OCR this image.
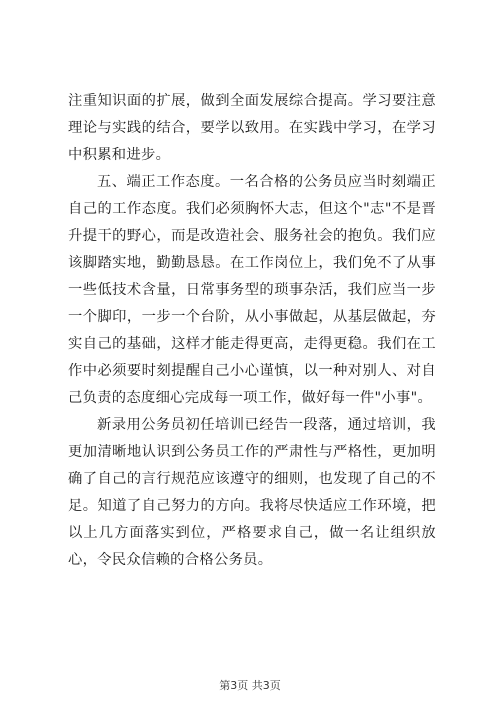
注重知识面的扩展，做到全面发展综合提高。学习要注意理论与实践的结合，要学以致用。在实践中学习，在学习中积累和进步。

五、端正工作态度。一名合格的公务员应当时刻端正自己的工作态度。我们必须胸怀大志，但这个"志"不是晋升提干的野心，而是改造社会、服务社会的抱负。我们应该脚踏实地，勤勤恳恳。在工作岗位上，我们免不了从事一些低技术含量，日常事务型的琐事杂活，我们应当一步一个脚印，一步一个台阶，从小事做起，从基层做起，夯实自己的基础，这样才能走得更高，走得更稳。我们在工作中必须要时刻提醒自己小心谨慎，以一种对别人、对自己负责的态度细心完成每一项工作，做好每一件"小事"。

新录用公务员初任培训已经告一段落，通过培训，我更加清晰地认识到公务员工作的严肃性与严格性，更加明确了自己的言行规范应该遵守的细则，也发现了自己的不足。知道了自己努力的方向。我将尽快适应工作环境，把以上几方面落实到位，严格要求自己，做一名让组织放心，令民众信赖的合格公务员。

第3页 共3页
